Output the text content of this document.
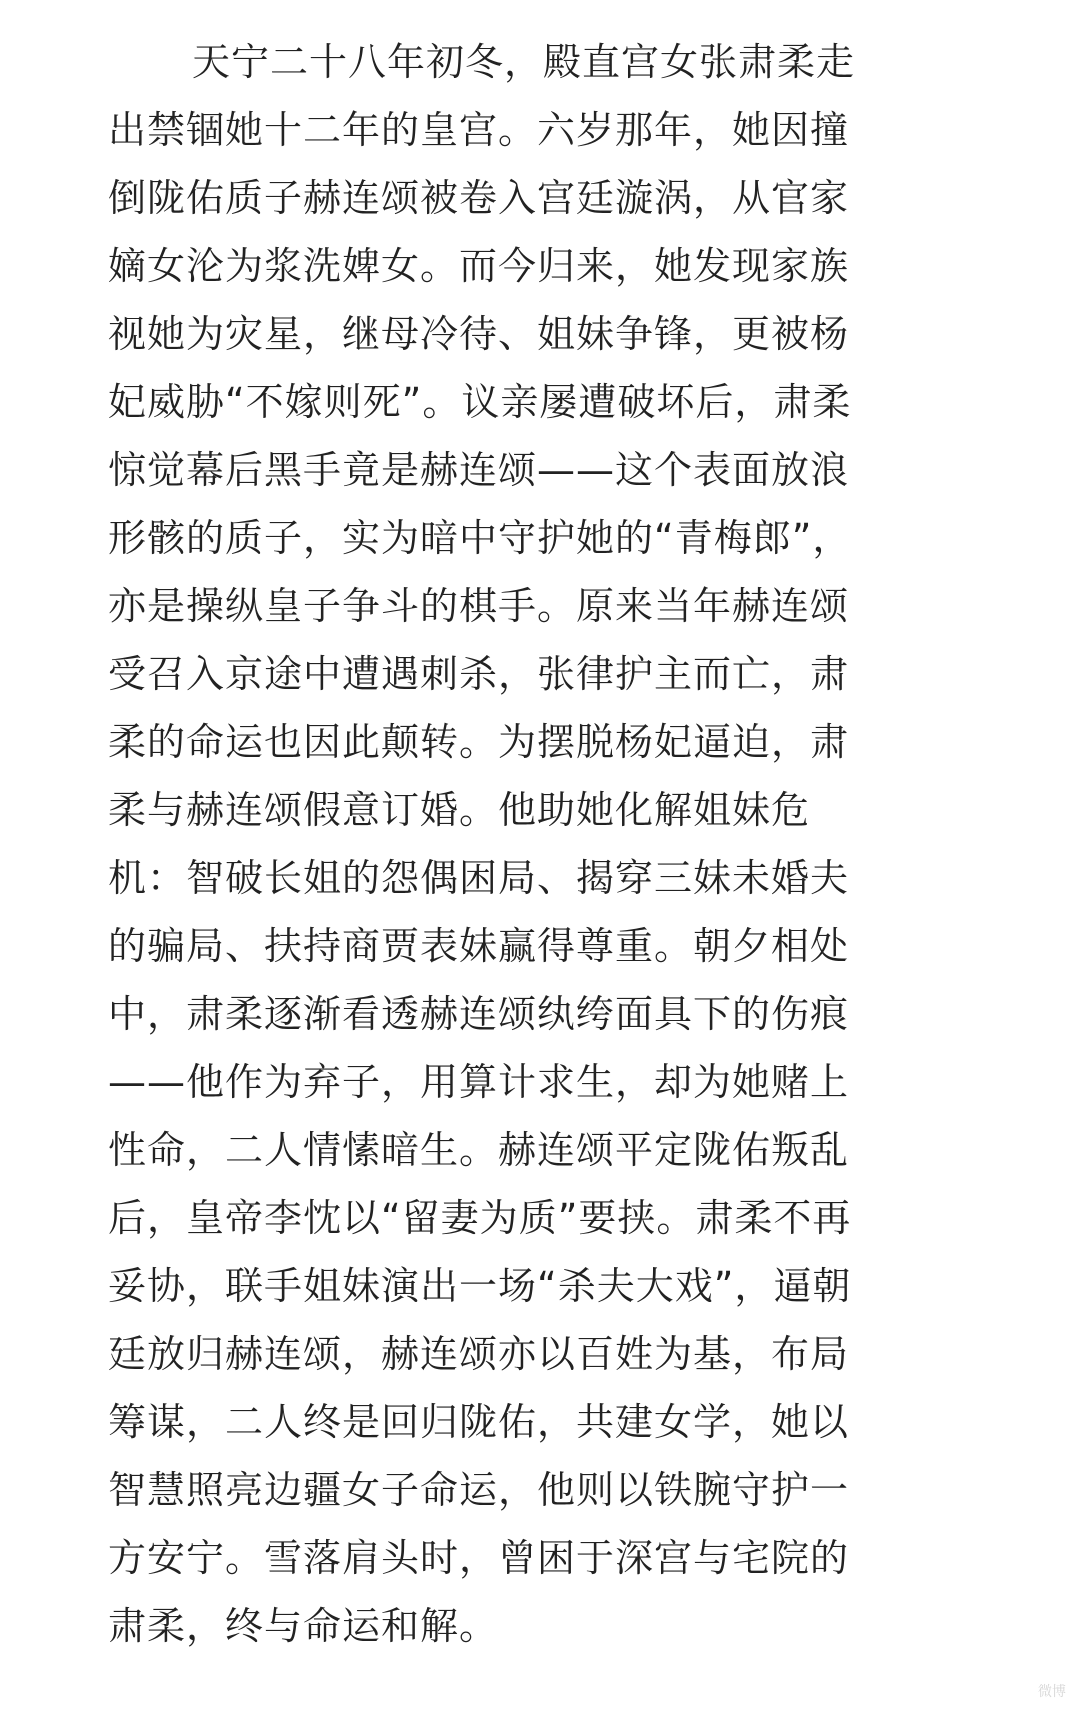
天宁二十八年初冬，殿直宫女张肃柔走
出禁锢她十二年的皇宫。六岁那年，她因撞
倒陇佑质子赫连颂被卷入宫廷漩涡，从官家
嫡女沦为浆洗婢女。而今归来，她发现家族
视她为灾星，继母冷待、姐妹争锋，更被杨
妃威胁“不嫁则死”。议亲屡遭破坏后，肃柔
惊觉幕后黑手竟是赫连颂——这个表面放浪
形骸的质子，实为暗中守护她的“青梅郎”，
亦是操纵皇子争斗的棋手。原来当年赫连颂
受召入京途中遭遇刺杀，张律护主而亡，肃
柔的命运也因此颠转。为摆脱杨妃逼迫，肃
柔与赫连颂假意订婚。他助她化解姐妹危
机：智破长姐的怨偶困局、揭穿三妹未婚夫
的骗局、扶持商贾表妹赢得尊重。朝夕相处
中，肃柔逐渐看透赫连颂纨绔面具下的伤痕
——他作为弃子，用算计求生，却为她赌上
性命，二人情愫暗生。赫连颂平定陇佑叛乱
后，皇帝李忱以“留妻为质”要挟。肃柔不再
妥协，联手姐妹演出一场“杀夫大戏”，逼朝
廷放归赫连颂，赫连颂亦以百姓为基，布局
筹谋，二人终是回归陇佑，共建女学，她以
智慧照亮边疆女子命运，他则以铁腕守护一
方安宁。雪落肩头时，曾困于深宫与宅院的
肃柔，终与命运和解。
微博
